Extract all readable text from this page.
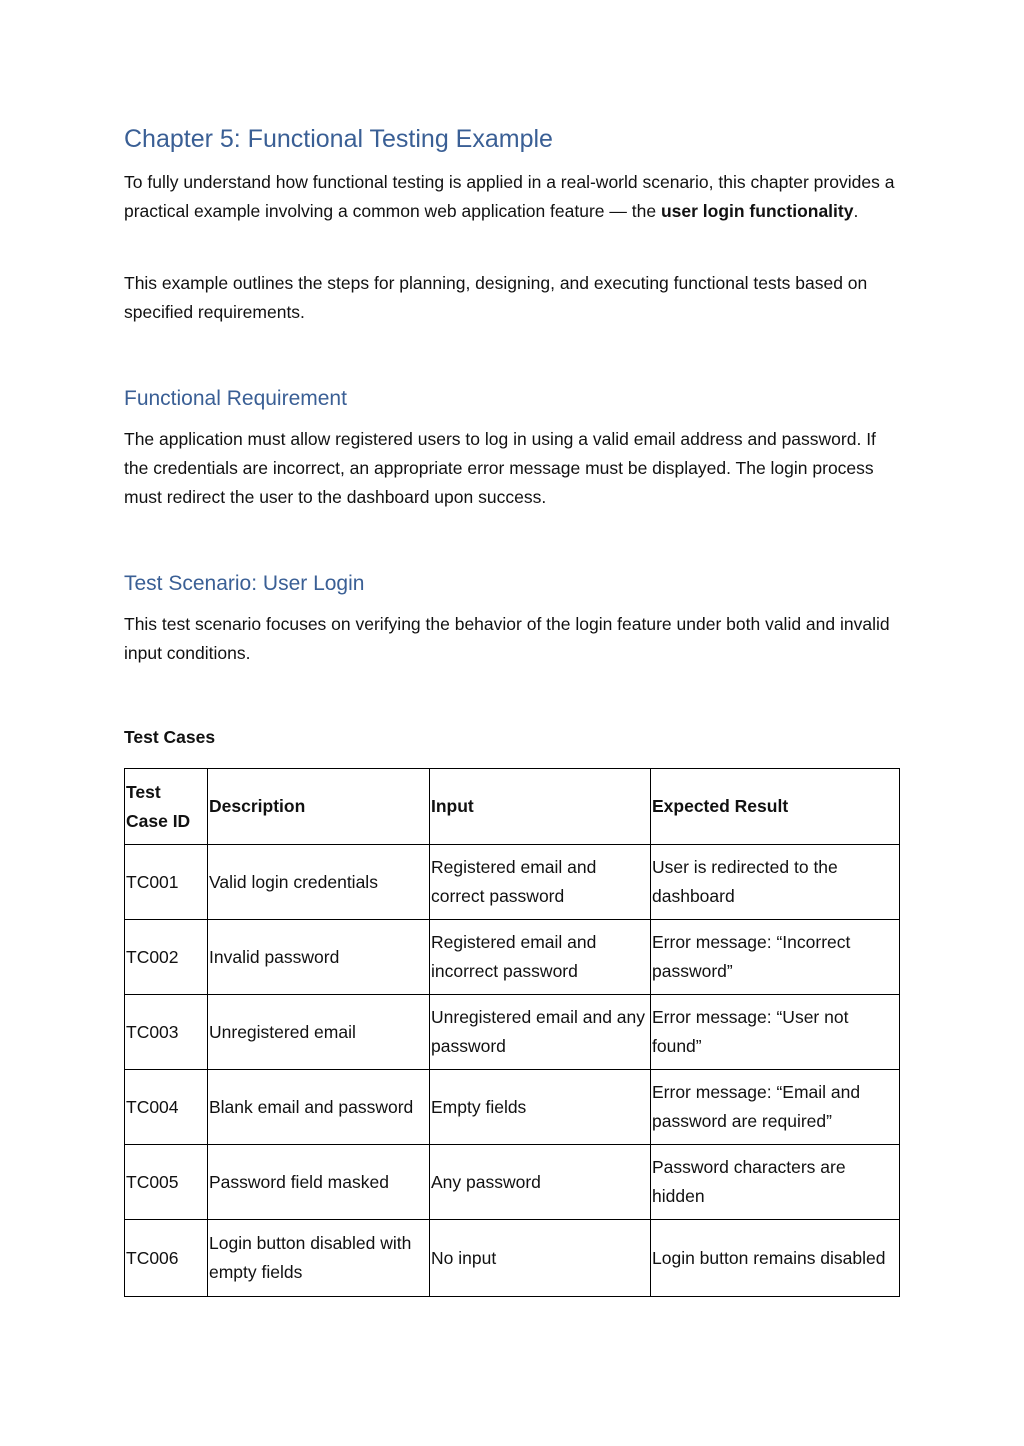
Chapter 5: Functional Testing Example

To fully understand how functional testing is applied in a real-world scenario, this chapter provides a practical example involving a common web application feature — the user login functionality.

This example outlines the steps for planning, designing, and executing functional tests based on specified requirements.

Functional Requirement

The application must allow registered users to log in using a valid email address and password. If the credentials are incorrect, an appropriate error message must be displayed. The login process must redirect the user to the dashboard upon success.

Test Scenario: User Login

This test scenario focuses on verifying the behavior of the login feature under both valid and invalid input conditions.

Test Cases

Test Case ID	Description	Input	Expected Result
TC001	Valid login credentials	Registered email and correct password	User is redirected to the dashboard
TC002	Invalid password	Registered email and incorrect password	Error message: “Incorrect password”
TC003	Unregistered email	Unregistered email and any password	Error message: “User not found”
TC004	Blank email and password	Empty fields	Error message: “Email and password are required”
TC005	Password field masked	Any password	Password characters are hidden
TC006	Login button disabled with empty fields	No input	Login button remains disabled
